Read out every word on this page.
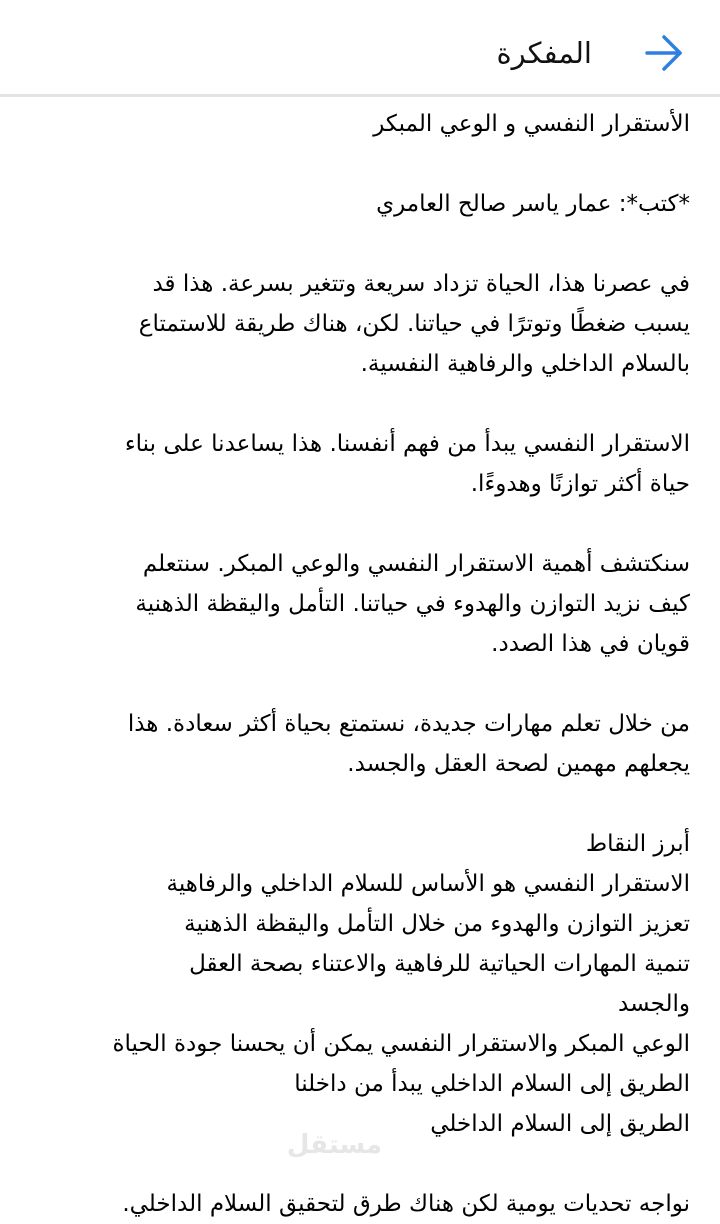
المفكرة
الأستقرار النفسي و الوعي المبكر
*كتب*: عمار ياسر صالح العامري
في عصرنا هذا، الحياة تزداد سريعة وتتغير بسرعة. هذا قد
يسبب ضغطًا وتوترًا في حياتنا. لكن، هناك طريقة للاستمتاع
بالسلام الداخلي والرفاهية النفسية.
الاستقرار النفسي يبدأ من فهم أنفسنا. هذا يساعدنا على بناء
حياة أكثر توازنًا وهدوءًا.
سنكتشف أهمية الاستقرار النفسي والوعي المبكر. سنتعلم
كيف نزيد التوازن والهدوء في حياتنا. التأمل واليقظة الذهنية
قويان في هذا الصدد.
من خلال تعلم مهارات جديدة، نستمتع بحياة أكثر سعادة. هذا
يجعلهم مهمين لصحة العقل والجسد.
أبرز النقاط
الاستقرار النفسي هو الأساس للسلام الداخلي والرفاهية
تعزيز التوازن والهدوء من خلال التأمل واليقظة الذهنية
تنمية المهارات الحياتية للرفاهية والاعتناء بصحة العقل
والجسد
الوعي المبكر والاستقرار النفسي يمكن أن يحسنا جودة الحياة
الطريق إلى السلام الداخلي يبدأ من داخلنا
الطريق إلى السلام الداخلي
نواجه تحديات يومية لكن هناك طرق لتحقيق السلام الداخلي.
مستقل
